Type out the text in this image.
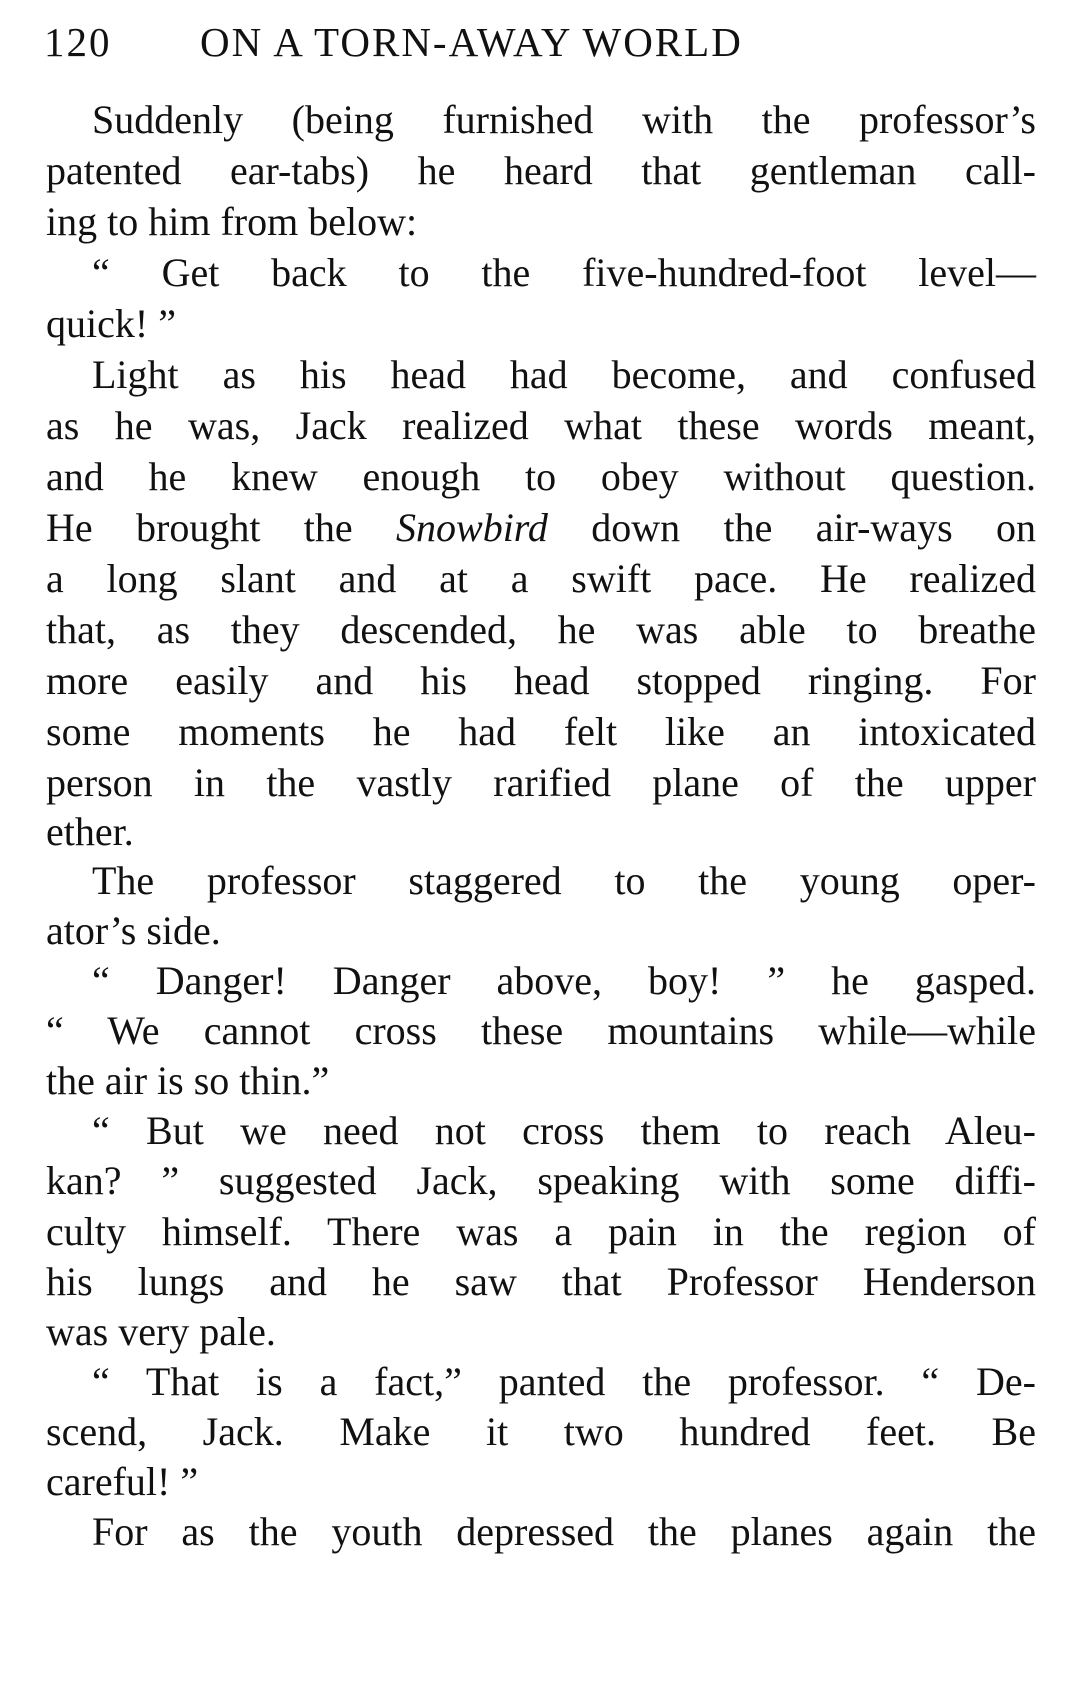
120 ON A TORN-AWAY WORLD
Suddenly (being furnished with the professor’s
patented ear-tabs) he heard that gentleman call-
ing to him from below:
“ Get back to the five-hundred-foot level—
quick! ”
Light as his head had become, and confused
as he was, Jack realized what these words meant,
and he knew enough to obey without question.
He brought the Snowbird down the air-ways on
a long slant and at a swift pace. He realized
that, as they descended, he was able to breathe
more easily and his head stopped ringing. For
some moments he had felt like an intoxicated
person in the vastly rarified plane of the upper
ether.
The professor staggered to the young oper-
ator’s side.
“ Danger! Danger above, boy! ” he gasped.
“ We cannot cross these mountains while—while
the air is so thin.”
“ But we need not cross them to reach Aleu-
kan? ” suggested Jack, speaking with some diffi-
culty himself. There was a pain in the region of
his lungs and he saw that Professor Henderson
was very pale.
“ That is a fact,” panted the professor. “ De-
scend, Jack. Make it two hundred feet. Be
careful! ”
For as the youth depressed the planes again the
